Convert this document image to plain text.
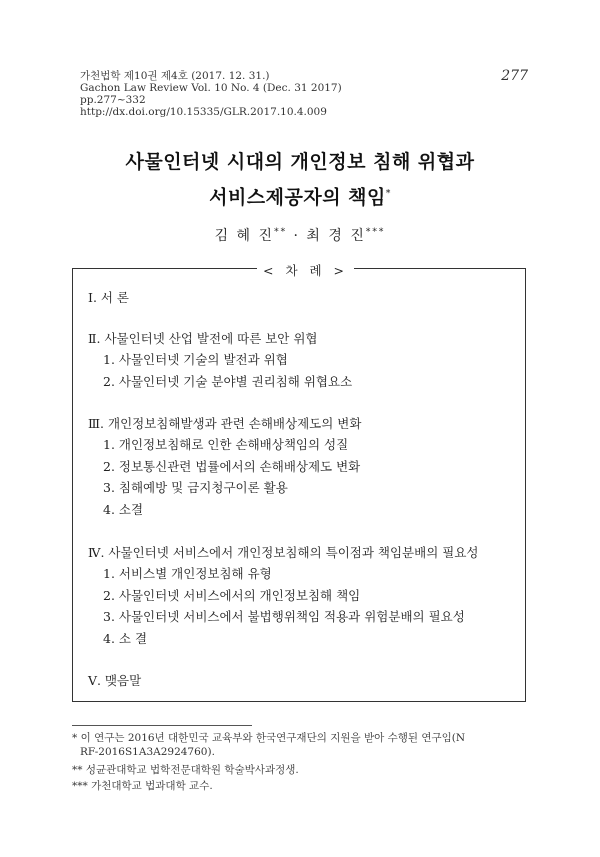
가천법학 제10권 제4호 (2017. 12. 31.)
Gachon Law Review Vol. 10 No. 4 (Dec. 31 2017)
pp.277~332
http://dx.doi.org/10.15335/GLR.2017.10.4.009
277
사물인터넷 시대의 개인정보 침해 위협과
서비스제공자의 책임*
김 혜 진** · 최 경 진***
< 차 례 >
Ⅰ. 서 론
Ⅱ. 사물인터넷 산업 발전에 따른 보안 위협
1. 사물인터넷 기술의 발전과 위협
2. 사물인터넷 기술 분야별 권리침해 위협요소
Ⅲ. 개인정보침해발생과 관련 손해배상제도의 변화
1. 개인정보침해로 인한 손해배상책임의 성질
2. 정보통신관련 법률에서의 손해배상제도 변화
3. 침해예방 및 금지청구이론 활용
4. 소결
Ⅳ. 사물인터넷 서비스에서 개인정보침해의 특이점과 책임분배의 필요성
1. 서비스별 개인정보침해 유형
2. 사물인터넷 서비스에서의 개인정보침해 책임
3. 사물인터넷 서비스에서 불법행위책임 적용과 위험분배의 필요성
4. 소 결
Ⅴ. 맺음말
* 이 연구는 2016년 대한민국 교육부와 한국연구재단의 지원을 받아 수행된 연구임(N
RF-2016S1A3A2924760).
** 성균관대학교 법학전문대학원 학술박사과정생.
*** 가천대학교 법과대학 교수.
